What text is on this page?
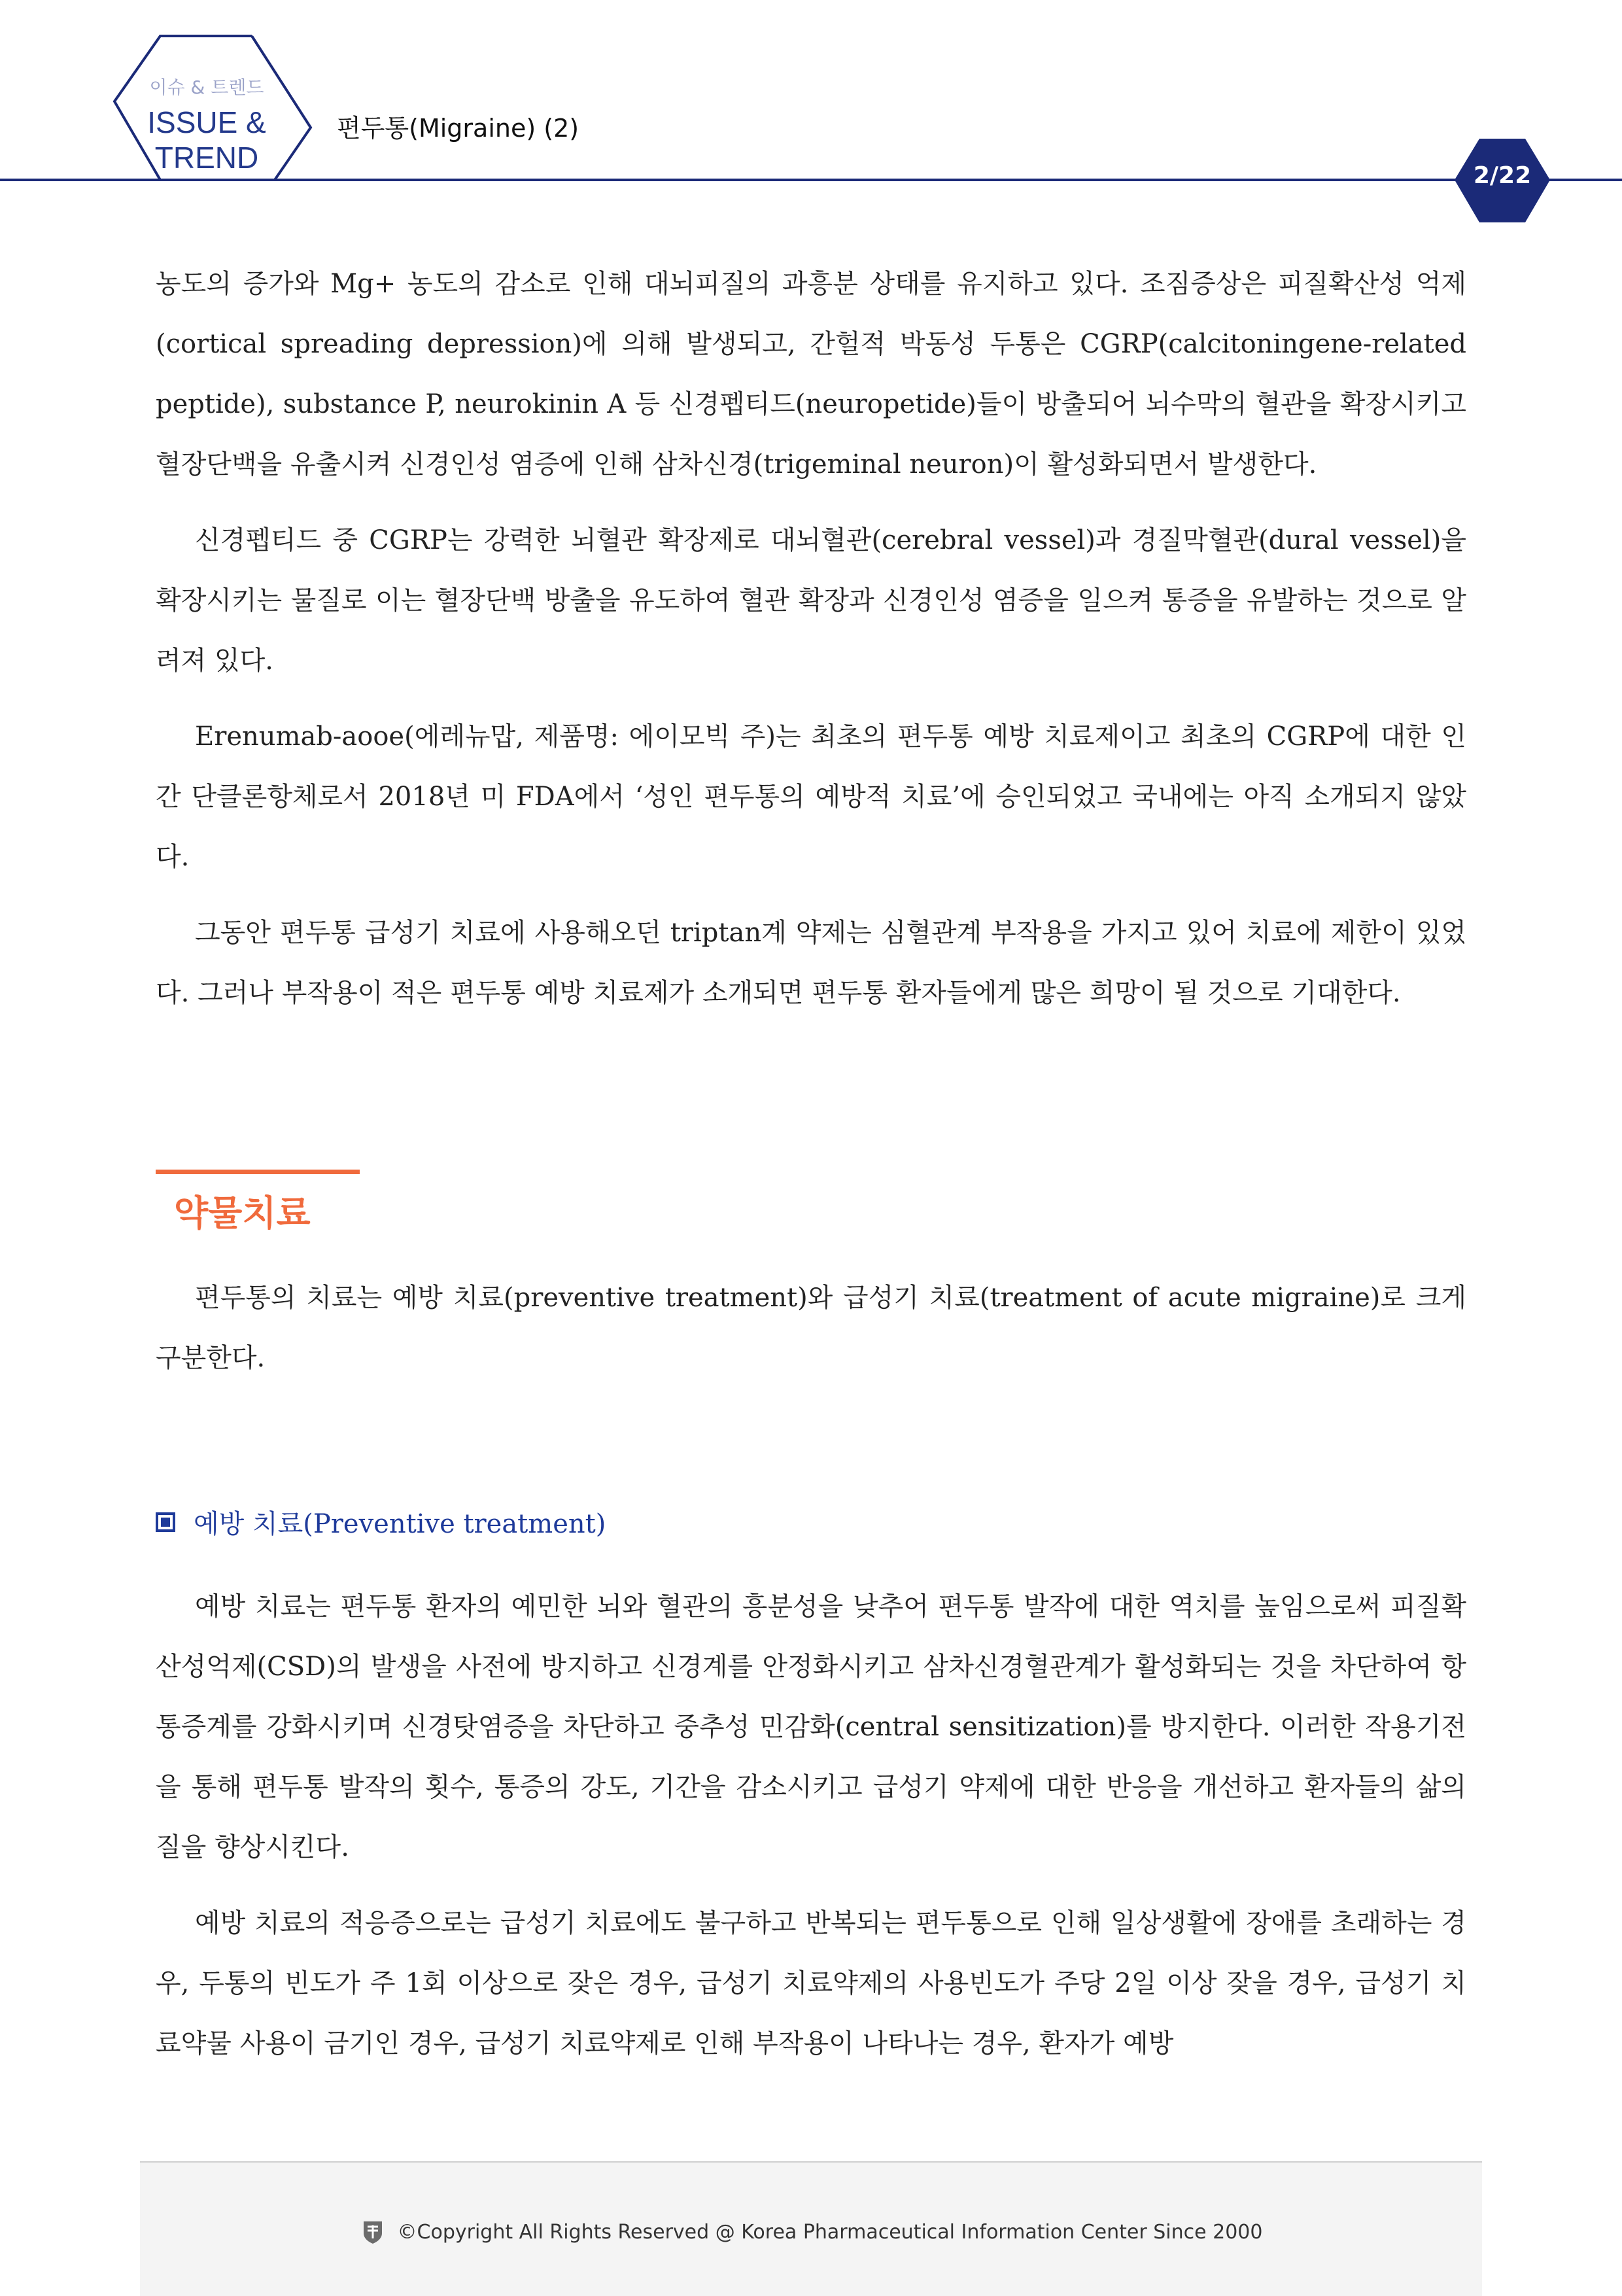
이슈 & 트렌드
ISSUE &
TREND
편두통(Migraine) (2)
2/22

농도의 증가와 Mg+ 농도의 감소로 인해 대뇌피질의 과흥분 상태를 유지하고 있다. 조짐증상은 피질확산성 억제(cortical spreading depression)에 의해 발생되고, 간헐적 박동성 두통은 CGRP(calcitoningene-related peptide), substance P, neurokinin A 등 신경펩티드(neuropetide)들이 방출되어 뇌수막의 혈관을 확장시키고 혈장단백을 유출시켜 신경인성 염증에 인해 삼차신경(trigeminal neuron)이 활성화되면서 발생한다.

신경펩티드 중 CGRP는 강력한 뇌혈관 확장제로 대뇌혈관(cerebral vessel)과 경질막혈관(dural vessel)을 확장시키는 물질로 이는 혈장단백 방출을 유도하여 혈관 확장과 신경인성 염증을 일으켜 통증을 유발하는 것으로 알려져 있다.

Erenumab-aooe(에레뉴맙, 제품명: 에이모빅 주)는 최초의 편두통 예방 치료제이고 최초의 CGRP에 대한 인간 단클론항체로서 2018년 미 FDA에서 ‘성인 편두통의 예방적 치료’에 승인되었고 국내에는 아직 소개되지 않았다.

그동안 편두통 급성기 치료에 사용해오던 triptan계 약제는 심혈관계 부작용을 가지고 있어 치료에 제한이 있었다. 그러나 부작용이 적은 편두통 예방 치료제가 소개되면 편두통 환자들에게 많은 희망이 될 것으로 기대한다.

약물치료

편두통의 치료는 예방 치료(preventive treatment)와 급성기 치료(treatment of acute migraine)로 크게 구분한다.

예방 치료(Preventive treatment)

예방 치료는 편두통 환자의 예민한 뇌와 혈관의 흥분성을 낮추어 편두통 발작에 대한 역치를 높임으로써 피질확산성억제(CSD)의 발생을 사전에 방지하고 신경계를 안정화시키고 삼차신경혈관계가 활성화되는 것을 차단하여 항통증계를 강화시키며 신경탓염증을 차단하고 중추성 민감화(central sensitization)를 방지한다. 이러한 작용기전을 통해 편두통 발작의 횟수, 통증의 강도, 기간을 감소시키고 급성기 약제에 대한 반응을 개선하고 환자들의 삶의 질을 향상시킨다.

예방 치료의 적응증으로는 급성기 치료에도 불구하고 반복되는 편두통으로 인해 일상생활에 장애를 초래하는 경우, 두통의 빈도가 주 1회 이상으로 잦은 경우, 급성기 치료약제의 사용빈도가 주당 2일 이상 잦을 경우, 급성기 치료약물 사용이 금기인 경우, 급성기 치료약제로 인해 부작용이 나타나는 경우, 환자가 예방

©Copyright All Rights Reserved @ Korea Pharmaceutical Information Center Since 2000
